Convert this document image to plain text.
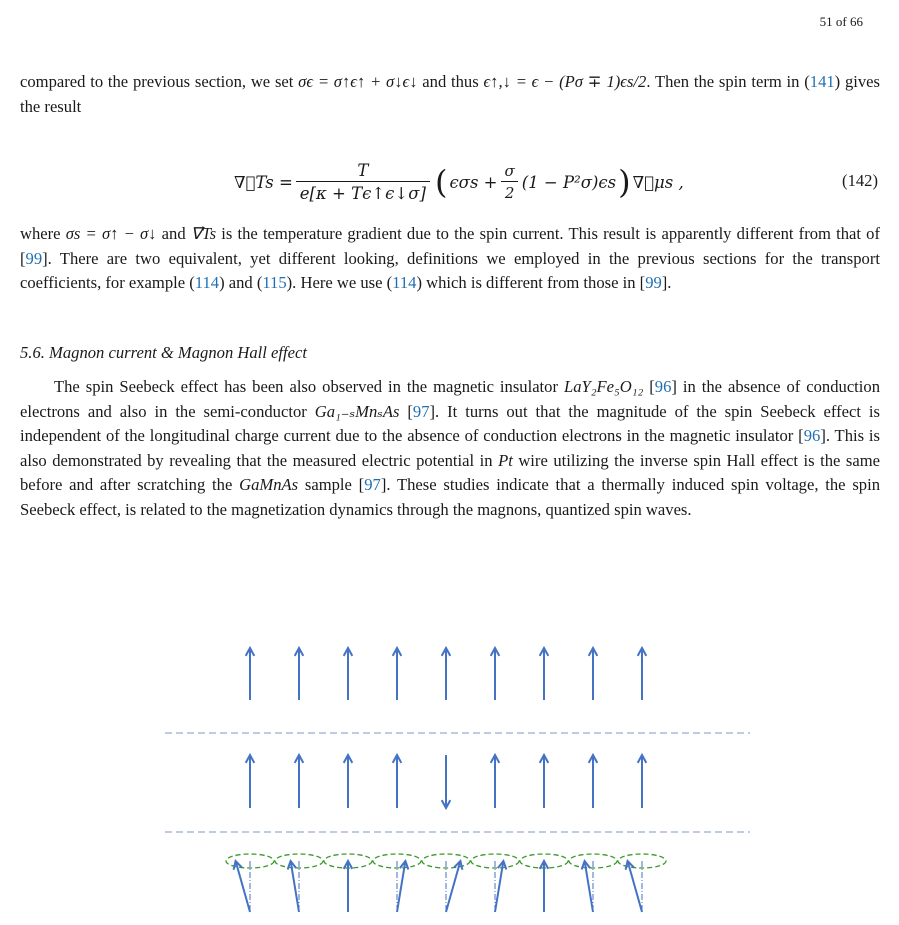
51 of 66
compared to the previous section, we set σϵ = σ↑ϵ↑ + σ↓ϵ↓ and thus ϵ↑,↓ = ϵ − (Pσ ∓ 1)ϵs/2. Then the spin term in (141) gives the result
∇⃗Ts = $\frac{T}{e[\kappa + T\epsilon↑\epsilon↓\sigma]}$ ( $\epsilon\sigma s + \frac{\sigma}{2} (1 - P^2\sigma)\epsilon s$ ) ∇⃗μs ,	(142)
where σs = σ↑ − σ↓ and ∇⃗Ts is the temperature gradient due to the spin current. This result is apparently different from that of [99]. There are two equivalent, yet different looking, definitions we employed in the previous sections for the transport coefficients, for example (114) and (115). Here we use (114) which is different from those in [99].
5.6. Magnon current & Magnon Hall effect
The spin Seebeck effect has been also observed in the magnetic insulator LaY₂Fe₅O₁₂ [96] in the absence of conduction electrons and also in the semi-conductor Ga₁₋ₛMnₛAs [97]. It turns out that the magnitude of the spin Seebeck effect is independent of the longitudinal charge current due to the absence of conduction electrons in the magnetic insulator [96]. This is also demonstrated by revealing that the measured electric potential in Pt wire utilizing the inverse spin Hall effect is the same before and after scratching the GaMnAs sample [97]. These studies indicate that a thermally induced spin voltage, the spin Seebeck effect, is related to the magnetization dynamics through the magnons, quantized spin waves.
